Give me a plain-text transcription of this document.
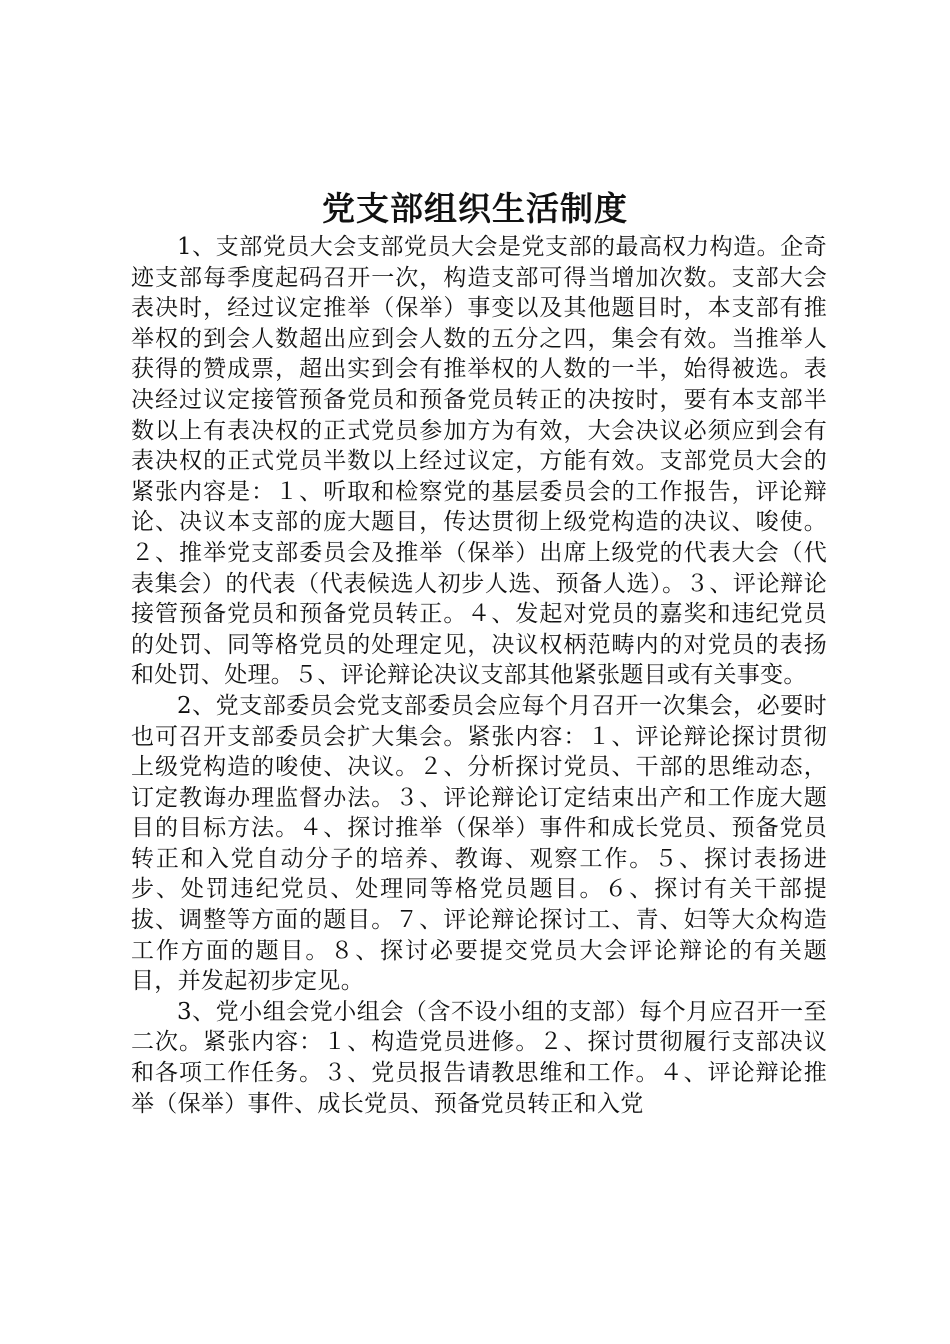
党支部组织生活制度

1、支部党员大会支部党员大会是党支部的最高权力构造。企奇迹支部每季度起码召开一次，构造支部可得当增加次数。支部大会表决时，经过议定推举（保举）事变以及其他题目时，本支部有推举权的到会人数超出应到会人数的五分之四，集会有效。当推举人获得的赞成票，超出实到会有推举权的人数的一半，始得被选。表决经过议定接管预备党员和预备党员转正的决按时，要有本支部半数以上有表决权的正式党员参加方为有效，大会决议必须应到会有表决权的正式党员半数以上经过议定，方能有效。支部党员大会的紧张内容是：１、听取和检察党的基层委员会的工作报告，评论辩论、决议本支部的庞大题目，传达贯彻上级党构造的决议、唆使。２、推举党支部委员会及推举（保举）出席上级党的代表大会（代表集会）的代表（代表候选人初步人选、预备人选）。３、评论辩论接管预备党员和预备党员转正。４、发起对党员的嘉奖和违纪党员的处罚、同等格党员的处理定见，决议权柄范畴内的对党员的表扬和处罚、处理。５、评论辩论决议支部其他紧张题目或有关事变。

2、党支部委员会党支部委员会应每个月召开一次集会，必要时也可召开支部委员会扩大集会。紧张内容：１、评论辩论探讨贯彻上级党构造的唆使、决议。２、分析探讨党员、干部的思维动态，订定教诲办理监督办法。３、评论辩论订定结束出产和工作庞大题目的目标方法。４、探讨推举（保举）事件和成长党员、预备党员转正和入党自动分子的培养、教诲、观察工作。５、探讨表扬进步、处罚违纪党员、处理同等格党员题目。６、探讨有关干部提拔、调整等方面的题目。７、评论辩论探讨工、青、妇等大众构造工作方面的题目。８、探讨必要提交党员大会评论辩论的有关题目，并发起初步定见。

3、党小组会党小组会（含不设小组的支部）每个月应召开一至二次。紧张内容：１、构造党员进修。２、探讨贯彻履行支部决议和各项工作任务。３、党员报告请教思维和工作。４、评论辩论推举（保举）事件、成长党员、预备党员转正和入党
